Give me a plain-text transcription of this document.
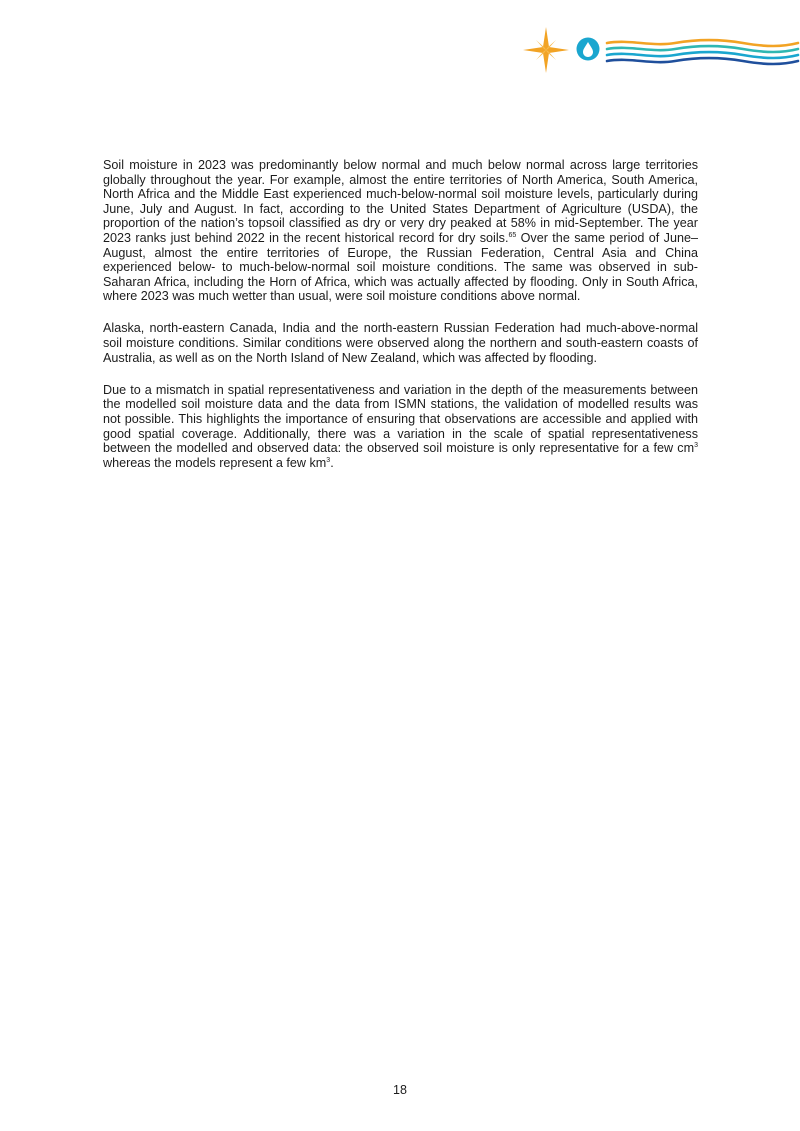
Soil moisture in 2023 was predominantly below normal and much below normal across large territories globally throughout the year. For example, almost the entire territories of North America, South America, North Africa and the Middle East experienced much-below-normal soil moisture levels, particularly during June, July and August. In fact, according to the United States Department of Agriculture (USDA), the proportion of the nation’s topsoil classified as dry or very dry peaked at 58% in mid-September. The year 2023 ranks just behind 2022 in the recent historical record for dry soils.$^{65}$ Over the same period of June–August, almost the entire territories of Europe, the Russian Federation, Central Asia and China experienced below- to much-below-normal soil moisture conditions. The same was observed in sub-Saharan Africa, including the Horn of Africa, which was actually affected by flooding. Only in South Africa, where 2023 was much wetter than usual, were soil moisture conditions above normal.

Alaska, north-eastern Canada, India and the north-eastern Russian Federation had much-above-normal soil moisture conditions. Similar conditions were observed along the northern and south-eastern coasts of Australia, as well as on the North Island of New Zealand, which was affected by flooding.

Due to a mismatch in spatial representativeness and variation in the depth of the measurements between the modelled soil moisture data and the data from ISMN stations, the validation of modelled results was not possible. This highlights the importance of ensuring that observations are accessible and applied with good spatial coverage. Additionally, there was a variation in the scale of spatial representativeness between the modelled and observed data: the observed soil moisture is only representative for a few $cm^3$ whereas the models represent a few $km^3$.

18
